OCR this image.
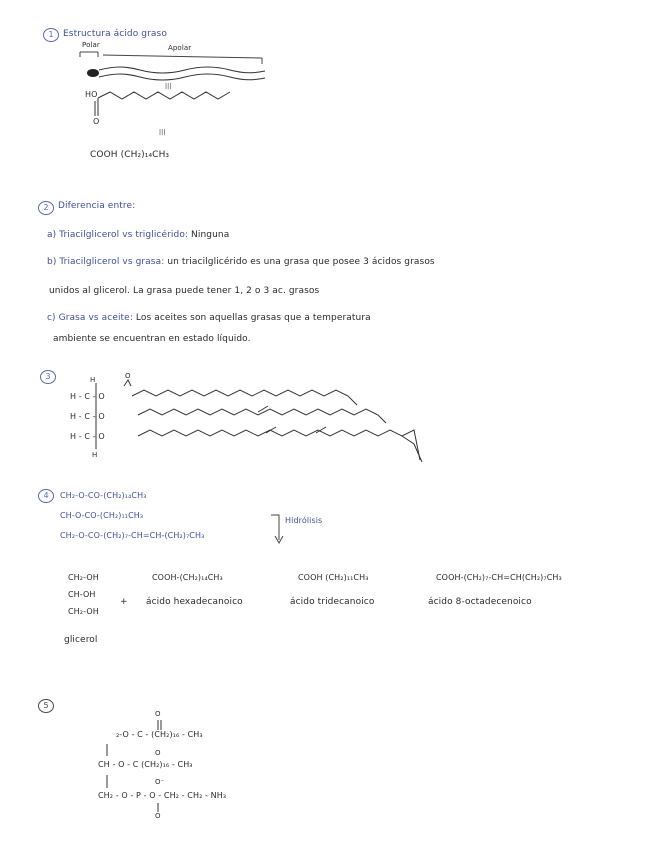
1	Estructura ácido graso
Polar	Apolar
HO
O
|||
|||
COOH (CH₂)₁₄CH₃
2	Diferencia entre:
a) Triacilglicerol vs triglicérido: Ninguna
b) Triacilglicerol vs grasa: un triacilglicérido es una grasa que posee 3 ácidos grasos
unidos al glicerol. La grasa puede tener 1, 2 o 3 ac. grasos
c) Grasa vs aceite: Los aceites son aquellas grasas que a temperatura
ambiente se encuentran en estado líquido.
3	H
H - C - O
H - C - O
H - C - O
H
O
4	CH₂-O-CO-(CH₂)₁₄CH₃
CH-O-CO-(CH₂)₁₁CH₃
CH₂-O-CO-(CH₂)₇-CH=CH-(CH₂)₇CH₃
Hidrólisis
CH₂-OH
CH-OH
CH₂-OH
+
glicerol
COOH-(CH₂)₁₄CH₃
ácido hexadecanoico
COOH (CH₂)₁₁CH₃
ácido tridecanoico
COOH-(CH₂)₇-CH=CH(CH₂)₇CH₃
ácido 8-octadecenoico
5
O
₂-O - C - (CH₂)₁₆ - CH₃
CH - O - C (CH₂)₁₆ - CH₃
O
O⁻
CH₂ - O - P - O - CH₂ - CH₂ - NH₃
O
